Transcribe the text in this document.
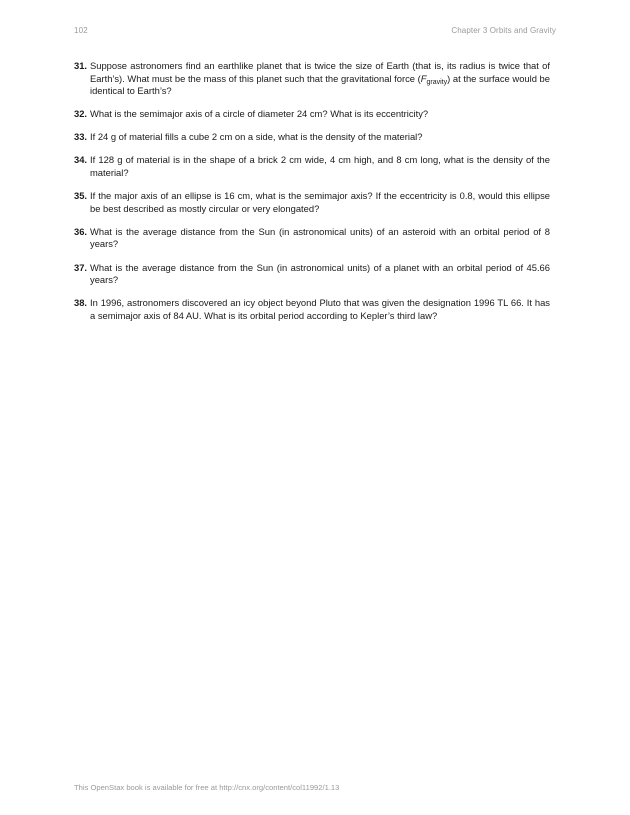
102	Chapter 3 Orbits and Gravity
31. Suppose astronomers find an earthlike planet that is twice the size of Earth (that is, its radius is twice that of Earth’s). What must be the mass of this planet such that the gravitational force $(F_{gravity})$ at the surface would be identical to Earth’s?
32. What is the semimajor axis of a circle of diameter 24 cm? What is its eccentricity?
33. If 24 g of material fills a cube 2 cm on a side, what is the density of the material?
34. If 128 g of material is in the shape of a brick 2 cm wide, 4 cm high, and 8 cm long, what is the density of the material?
35. If the major axis of an ellipse is 16 cm, what is the semimajor axis? If the eccentricity is 0.8, would this ellipse be best described as mostly circular or very elongated?
36. What is the average distance from the Sun (in astronomical units) of an asteroid with an orbital period of 8 years?
37. What is the average distance from the Sun (in astronomical units) of a planet with an orbital period of 45.66 years?
38. In 1996, astronomers discovered an icy object beyond Pluto that was given the designation 1996 TL 66. It has a semimajor axis of 84 AU. What is its orbital period according to Kepler’s third law?
This OpenStax book is available for free at http://cnx.org/content/col11992/1.13
